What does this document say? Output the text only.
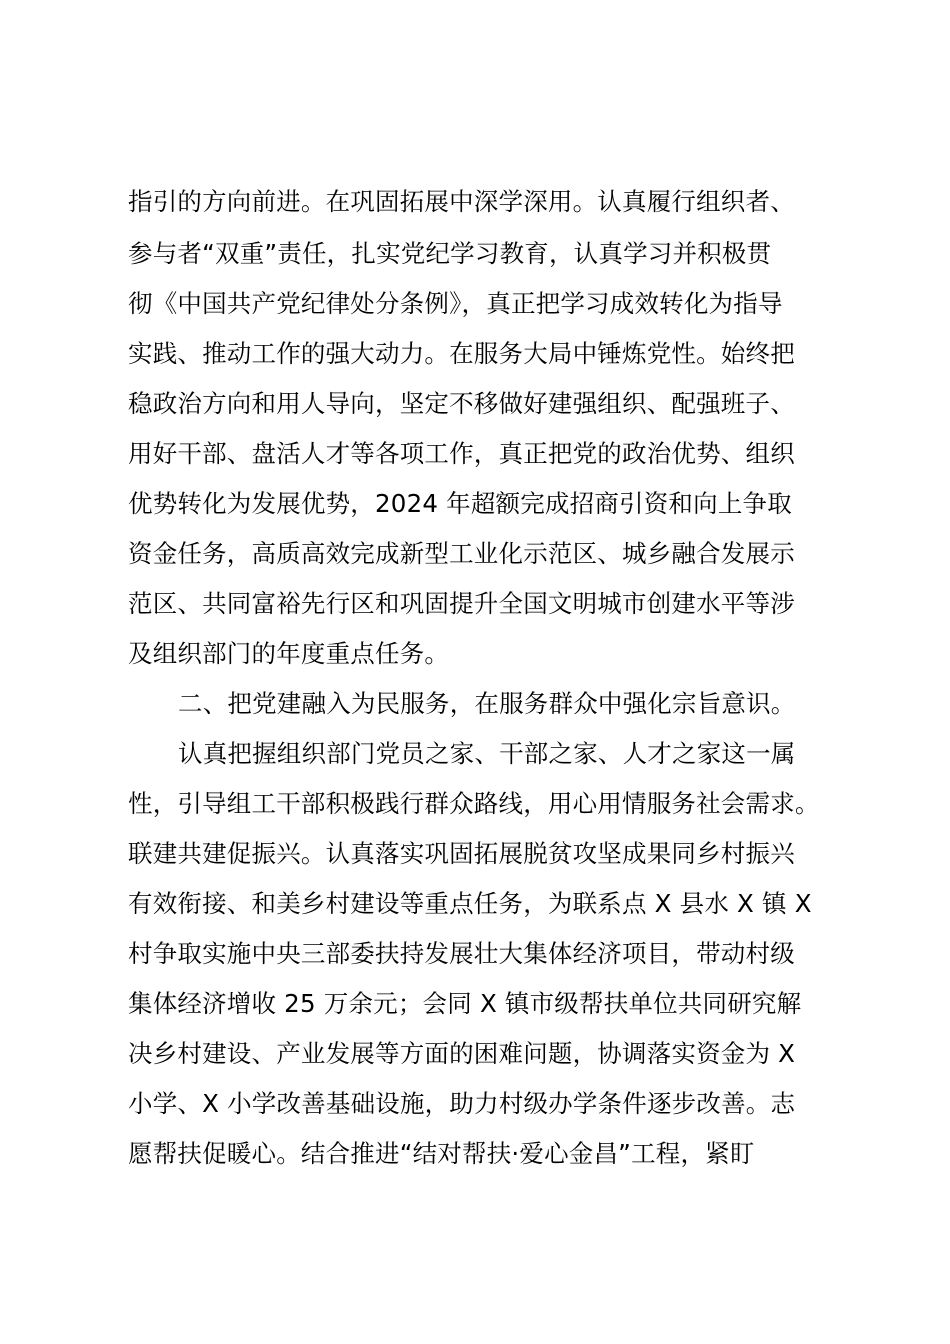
指引的方向前进。在巩固拓展中深学深用。认真履行组织者、
参与者“双重”责任，扎实党纪学习教育，认真学习并积极贯
彻《中国共产党纪律处分条例》，真正把学习成效转化为指导
实践、推动工作的强大动力。在服务大局中锤炼党性。始终把
稳政治方向和用人导向，坚定不移做好建强组织、配强班子、
用好干部、盘活人才等各项工作，真正把党的政治优势、组织
优势转化为发展优势，2024 年超额完成招商引资和向上争取
资金任务，高质高效完成新型工业化示范区、城乡融合发展示
范区、共同富裕先行区和巩固提升全国文明城市创建水平等涉
及组织部门的年度重点任务。
二、把党建融入为民服务，在服务群众中强化宗旨意识。
认真把握组织部门党员之家、干部之家、人才之家这一属
性，引导组工干部积极践行群众路线，用心用情服务社会需求。
联建共建促振兴。认真落实巩固拓展脱贫攻坚成果同乡村振兴
有效衔接、和美乡村建设等重点任务，为联系点 X 县水 X 镇 X
村争取实施中央三部委扶持发展壮大集体经济项目，带动村级
集体经济增收 25 万余元；会同 X 镇市级帮扶单位共同研究解
决乡村建设、产业发展等方面的困难问题，协调落实资金为 X
小学、X 小学改善基础设施，助力村级办学条件逐步改善。志
愿帮扶促暖心。结合推进“结对帮扶·爱心金昌”工程，紧盯
